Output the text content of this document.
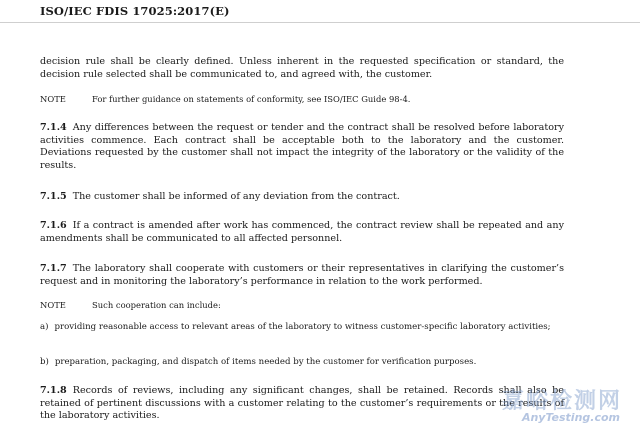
ISO/IEC FDIS 17025:2017(E)
decision rule shall be clearly defined. Unless inherent in the requested specification or standard, the decision rule selected shall be communicated to, and agreed with, the customer.
NOTE	For further guidance on statements of conformity, see ISO/IEC Guide 98-4.
7.1.4 Any differences between the request or tender and the contract shall be resolved before laboratory activities commence. Each contract shall be acceptable both to the laboratory and the customer. Deviations requested by the customer shall not impact the integrity of the laboratory or the validity of the results.
7.1.5 The customer shall be informed of any deviation from the contract.
7.1.6 If a contract is amended after work has commenced, the contract review shall be repeated and any amendments shall be communicated to all affected personnel.
7.1.7 The laboratory shall cooperate with customers or their representatives in clarifying the customer’s request and in monitoring the laboratory’s performance in relation to the work performed.
NOTE	Such cooperation can include:
a) providing reasonable access to relevant areas of the laboratory to witness customer-specific laboratory activities;
b) preparation, packaging, and dispatch of items needed by the customer for verification purposes.
7.1.8 Records of reviews, including any significant changes, shall be retained. Records shall also be retained of pertinent discussions with a customer relating to the customer’s requirements or the results of the laboratory activities.
嘉峪检测网
AnyTesting.com
